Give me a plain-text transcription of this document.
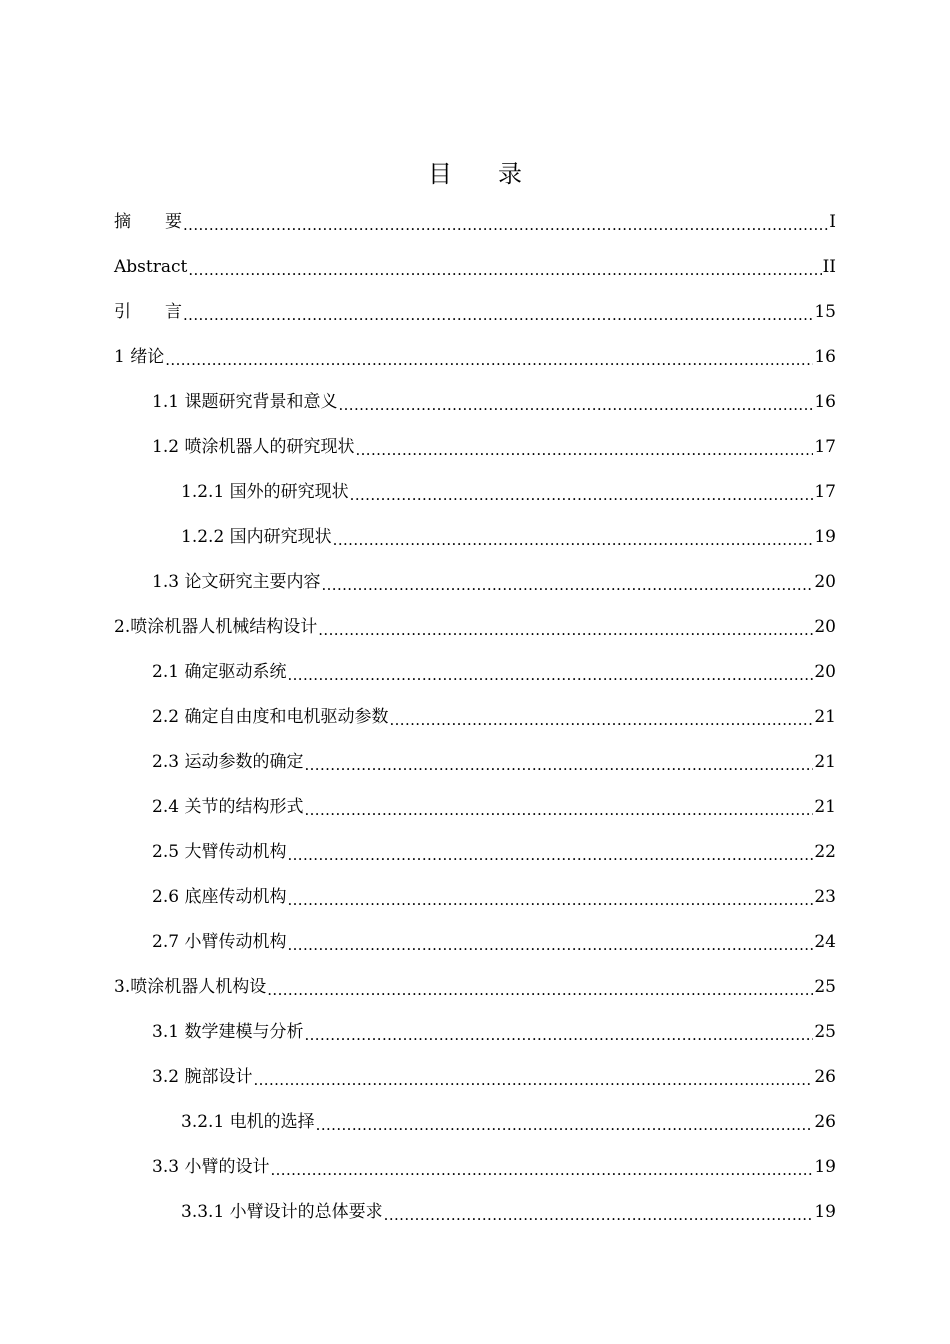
目 录
摘　　要 .....	I
Abstract .....	II
引　　言 .....	15
1 绪论 .....	16
1.1 课题研究背景和意义 .....	16
1.2 喷涂机器人的研究现状 .....	17
1.2.1 国外的研究现状 .....	17
1.2.2 国内研究现状 .....	19
1.3 论文研究主要内容 .....	20
2.喷涂机器人机械结构设计 .....	20
2.1 确定驱动系统 .....	20
2.2 确定自由度和电机驱动参数 .....	21
2.3 运动参数的确定 .....	21
2.4 关节的结构形式 .....	21
2.5 大臂传动机构 .....	22
2.6 底座传动机构 .....	23
2.7 小臂传动机构 .....	24
3.喷涂机器人机构设 .....	25
3.1 数学建模与分析 .....	25
3.2 腕部设计 .....	26
3.2.1 电机的选择 .....	26
3.3 小臂的设计 .....	19
3.3.1 小臂设计的总体要求 .....	19
